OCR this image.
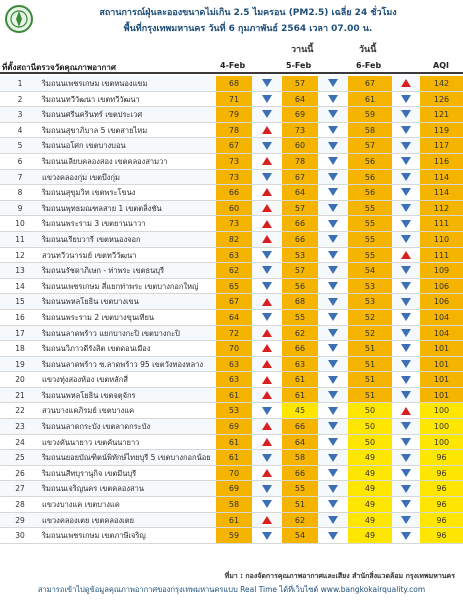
สถานการณ์ฝุ่นละอองขนาดไม่เกิน 2.5 ไมครอน (PM2.5) เฉลี่ย 24 ชั่วโมง
พื้นที่กรุงเทพมหานคร วันที่ 6 กุมภาพันธ์ 2564 เวลา 07.00 น.
วานนี้	วันนี้
ที่ตั้งสถานีตรวจวัดคุณภาพอากาศ	4-Feb	5-Feb	6-Feb	AQI
1	ริมถนนเพชรเกษม เขตหนองแขม	68	57	67	142
2	ริมถนนทวีวัฒนา เขตทวีวัฒนา	71	64	61	126
3	ริมถนนศรีนครินทร์ เขตประเวศ	79	69	59	121
4	ริมถนนสุขาภิบาล 5 เขตสายไหม	78	73	58	119
5	ริมถนนอโศก เขตบางบอน	67	60	57	117
6	ริมถนนเลียบคลองสอง เขตคลองสามวา	73	78	56	116
7	แขวงคลองกุ่ม เขตบึงกุ่ม	73	67	56	114
8	ริมถนนสุขุมวิท เขตพระโขนง	66	64	56	114
9	ริมถนนพุทธมณฑลสาย 1 เขตตลิ่งชัน	60	57	55	112
10	ริมถนนพระราม 3 เขตยานนาวา	73	66	55	111
11	ริมถนนเรียบวารี เขตหนองจอก	82	66	55	110
12	สวนทวีวนารมย์ เขตทวีวัฒนา	63	53	55	111
13	ริมถนนรัชดาภิเษก - ท่าพระ เขตธนบุรี	62	57	54	109
14	ริมถนนเพชรเกษม สี่แยกท่าพระ เขตบางกอกใหญ่	65	56	53	106
15	ริมถนนพหลโยธิน เขตบางเขน	67	68	53	106
16	ริมถนนพระราม 2 เขตบางขุนเทียน	64	55	52	104
17	ริมถนนลาดพร้าว แยกบางกะปิ เขตบางกะปิ	72	62	52	104
18	ริมถนนวิภาวดีรังสิต เขตดอนเมือง	70	66	51	101
19	ริมถนนลาดพร้าว ซ.ลาดพร้าว 95 เขตวังทองหลาง	63	63	51	101
20	แขวงทุ่งสองห้อง เขตหลักสี่	63	61	51	101
21	ริมถนนพหลโยธิน เขตจตุจักร	61	61	51	101
22	สวนบางแคภิรมย์ เขตบางแค	53	45	50	100
23	ริมถนนลาดกระบัง เขตลาดกระบัง	69	66	50	100
24	แขวงคันนายาว เขตคันนายาว	61	64	50	100
25	ริมถนนยอยบัณฑิตน์พิทักษ์ไทยบุรี 5 เขตบางกอกน้อย	61	58	49	96
26	ริมถนนสีทบุรานุกิจ เขตมีนบุรี	70	66	49	96
27	ริมถนนเจริญนคร เขตคลองสาน	69	55	49	96
28	แขวงบางแค เขตบางแค	58	51	49	96
29	แขวงคลองเตย เขตคลองเตย	61	62	49	96
30	ริมถนนเพชรเกษม เขตภาษีเจริญ	59	54	49	96
ที่มา : กองจัดการคุณภาพอากาศและเสียง สำนักสิ่งแวดล้อม กรุงเทพมหานคร
สามารถเข้าไปดูข้อมูลคุณภาพอากาศของกรุงเทพมหานครแบบ Real Time ได้ที่เว็บไซต์ www.bangkokairquality.com
